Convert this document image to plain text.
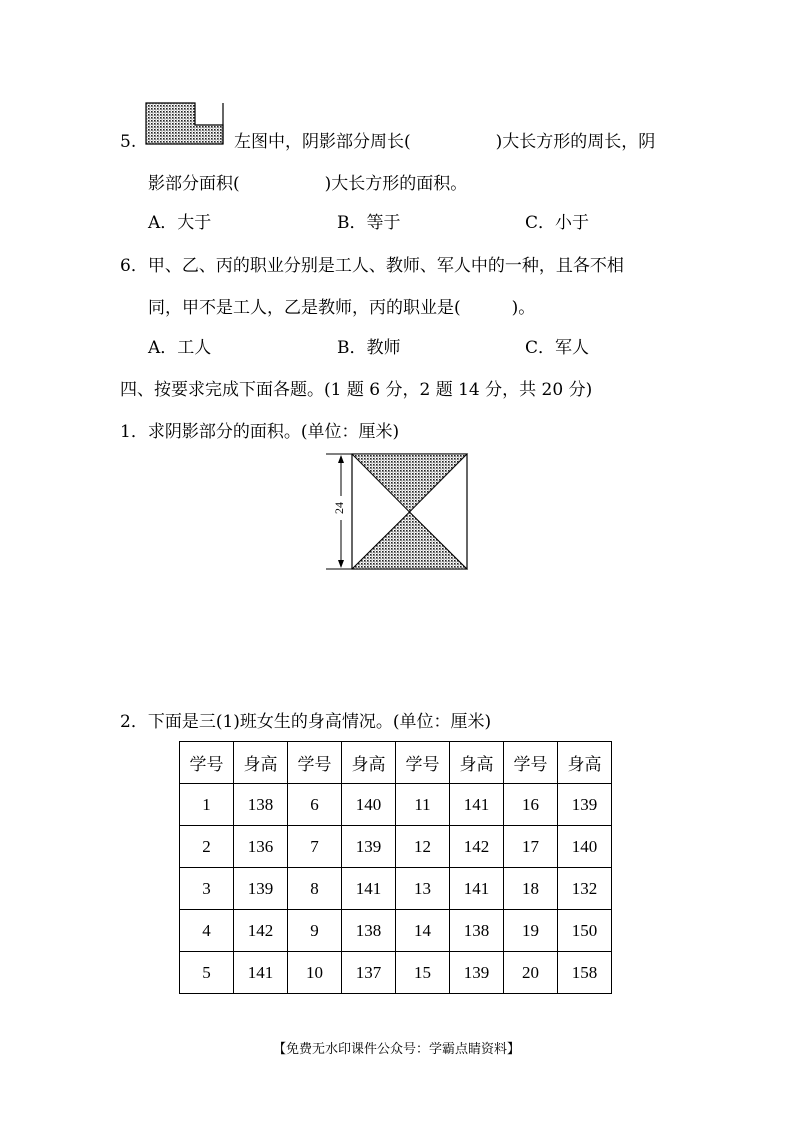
5.	左图中，阴影部分周长(　　　　　)大长方形的周长，阴
影部分面积(　　　　　)大长方形的面积。
A．大于	B．等于	C．小于
6．甲、乙、丙的职业分别是工人、教师、军人中的一种，且各不相
同，甲不是工人，乙是教师，丙的职业是(　　　)。
A．工人	B．教师	C．军人
四、按要求完成下面各题。(1 题 6 分，2 题 14 分，共 20 分)
1．求阴影部分的面积。(单位：厘米)
24
2．下面是三(1)班女生的身高情况。(单位：厘米)
学号	身高	学号	身高	学号	身高	学号	身高
1	138	6	140	11	141	16	139
2	136	7	139	12	142	17	140
3	139	8	141	13	141	18	132
4	142	9	138	14	138	19	150
5	141	10	137	15	139	20	158
【免费无水印课件公众号：学霸点睛资料】
